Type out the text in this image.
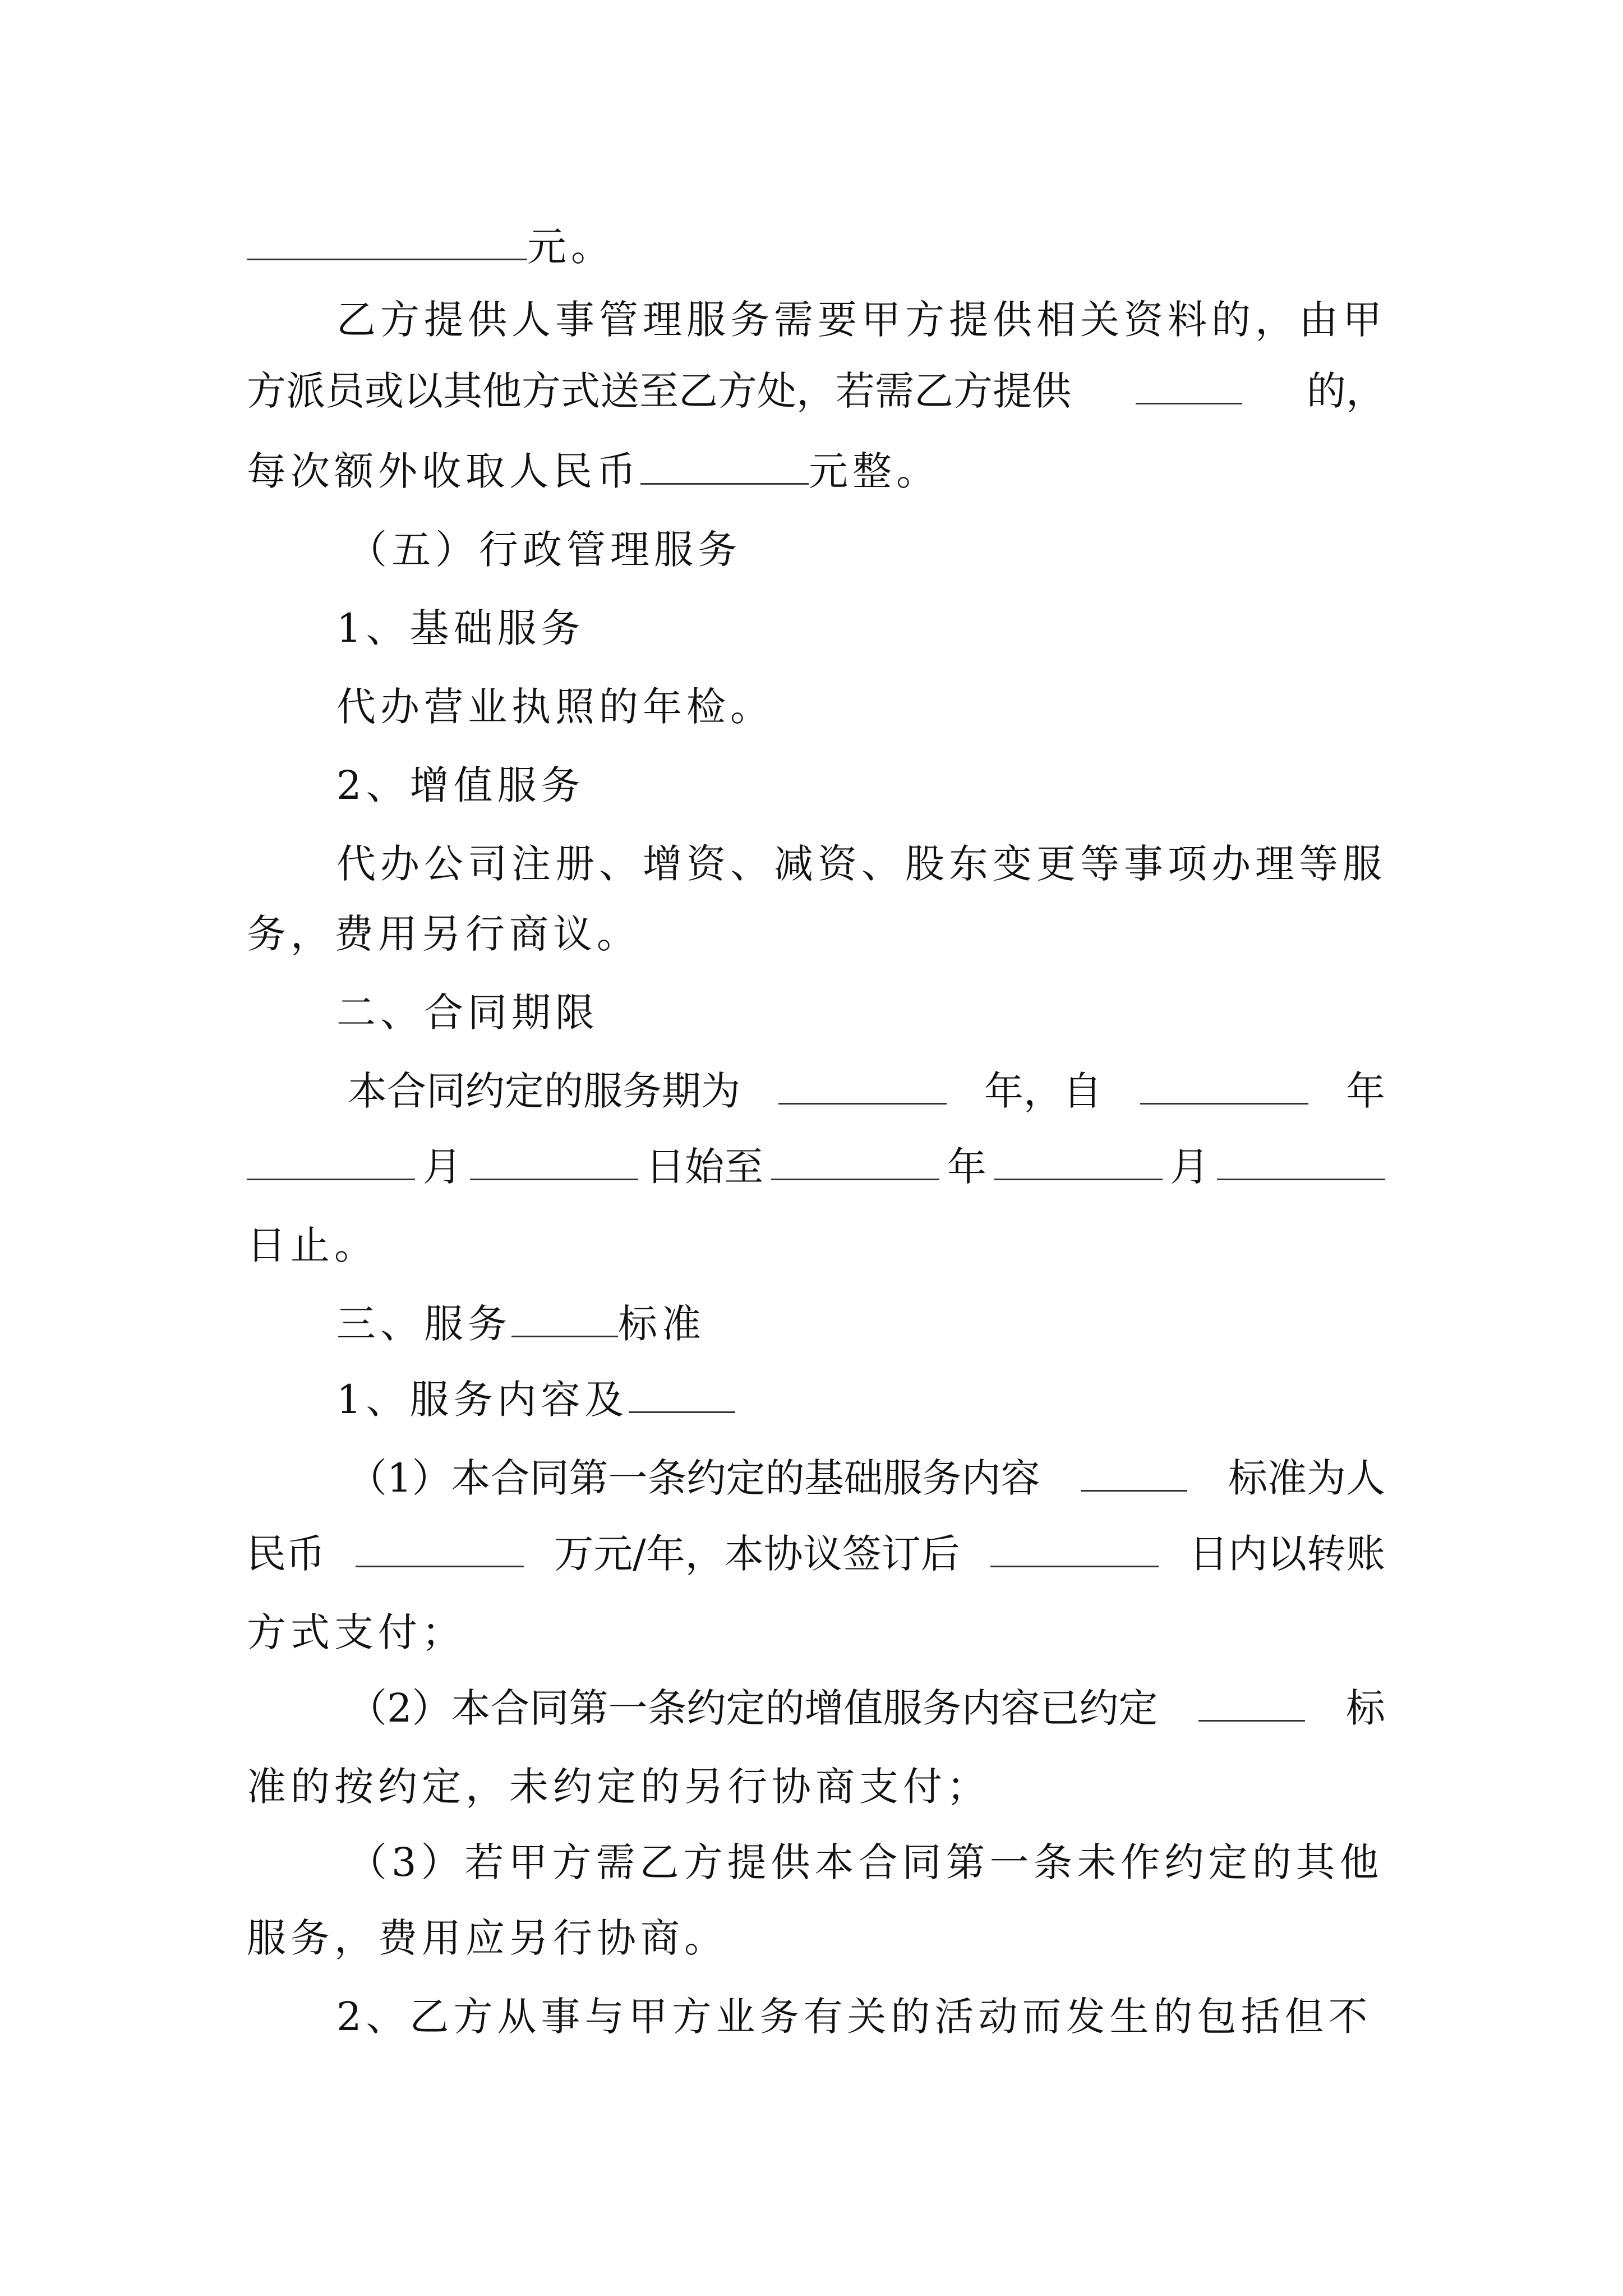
元。
乙方提供人事管理服务需要甲方提供相关资料的，由甲
方派员或以其他方式送至乙方处，若需乙方提供	的，
每次额外收取人民币	元整。
（五）行政管理服务
1、基础服务
代办营业执照的年检。
2、增值服务
代办公司注册、增资、减资、股东变更等事项办理等服
务，费用另行商议。
二、合同期限
本合同约定的服务期为	年，自	年
月	日始至	年	月
日止。
三、服务	标准
1、服务内容及
（1）本合同第一条约定的基础服务内容	标准为人
民币	万元/年，本协议签订后	日内以转账
方式支付；
（2）本合同第一条约定的增值服务内容已约定	标
准的按约定，未约定的另行协商支付；
（3）若甲方需乙方提供本合同第一条未作约定的其他
服务，费用应另行协商。
2、乙方从事与甲方业务有关的活动而发生的包括但不
